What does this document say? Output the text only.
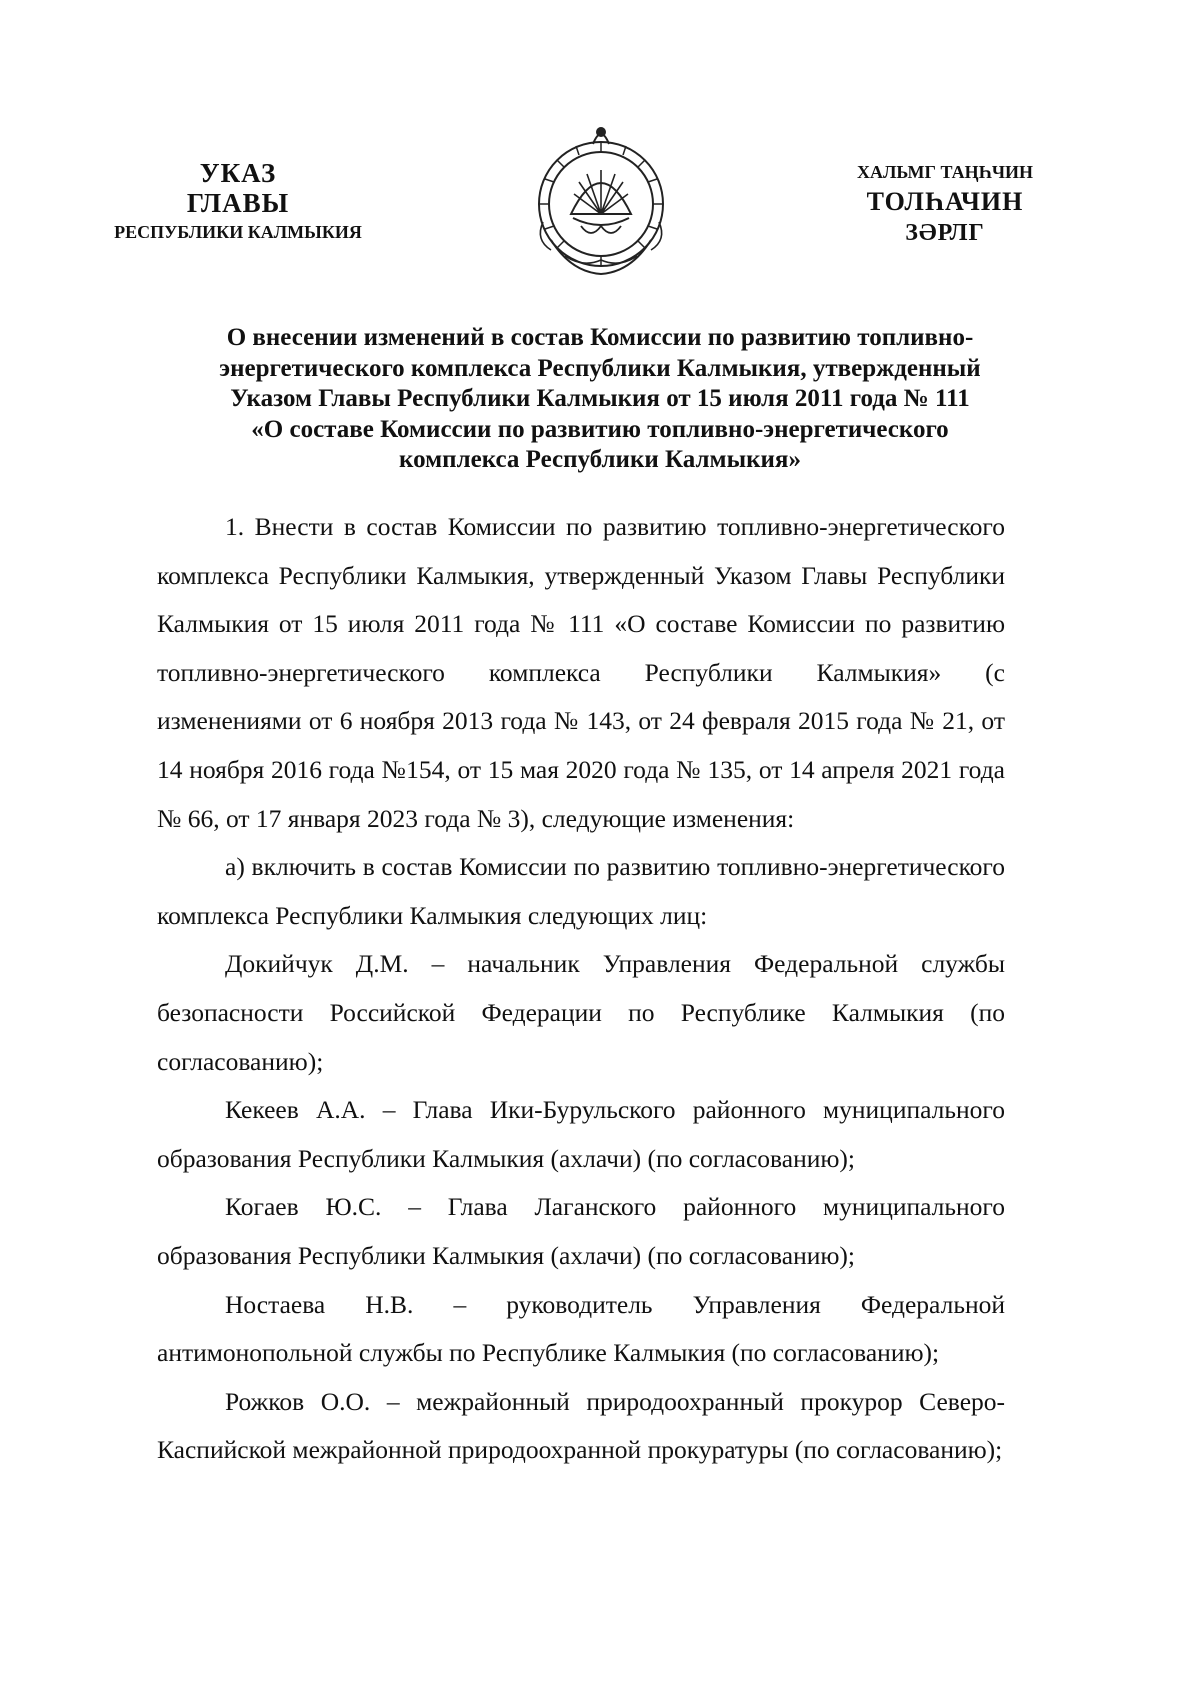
УКАЗ
ГЛАВЫ
РЕСПУБЛИКИ КАЛМЫКИЯ
ХАЛЬМГ ТАҢҺЧИН
ТОЛҺАЧИН
ЗӘРЛГ
О внесении изменений в состав Комиссии по развитию топливно-
энергетического комплекса Республики Калмыкия, утвержденный
Указом Главы Республики Калмыкия от 15 июля 2011 года № 111
«О составе Комиссии по развитию топливно-энергетического
комплекса Республики Калмыкия»

1. Внести в состав Комиссии по развитию топливно-энергетического комплекса Республики Калмыкия, утвержденный Указом Главы Республики Калмыкия от 15 июля 2011 года № 111 «О составе Комиссии по развитию топливно-энергетического комплекса Республики Калмыкия» (с изменениями от 6 ноября 2013 года № 143, от 24 февраля 2015 года № 21, от 14 ноября 2016 года №154, от 15 мая 2020 года № 135, от 14 апреля 2021 года № 66, от 17 января 2023 года № 3), следующие изменения:

а) включить в состав Комиссии по развитию топливно-энергетического комплекса Республики Калмыкия следующих лиц:

Докийчук Д.М. – начальник Управления Федеральной службы безопасности Российской Федерации по Республике Калмыкия (по согласованию);

Кекеев А.А. – Глава Ики-Бурульского районного муниципального образования Республики Калмыкия (ахлачи) (по согласованию);

Когаев Ю.С. – Глава Лаганского районного муниципального образования Республики Калмыкия (ахлачи) (по согласованию);

Ностаева Н.В. – руководитель Управления Федеральной антимонопольной службы по Республике Калмыкия (по согласованию);

Рожков О.О. – межрайонный природоохранный прокурор Северо-Каспийской межрайонной природоохранной прокуратуры (по согласованию);
